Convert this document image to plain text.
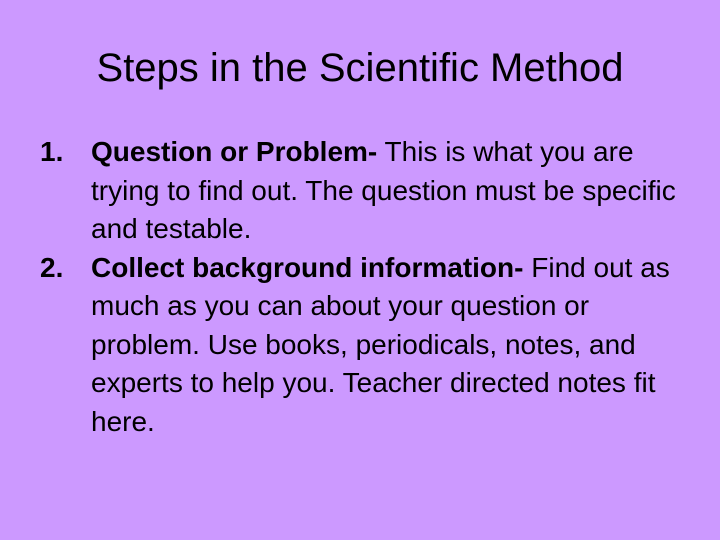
Steps in the Scientific Method
1. Question or Problem- This is what you are trying to find out. The question must be specific and testable.
2. Collect background information- Find out as much as you can about your question or problem. Use books, periodicals, notes, and experts to help you. Teacher directed notes fit here.
